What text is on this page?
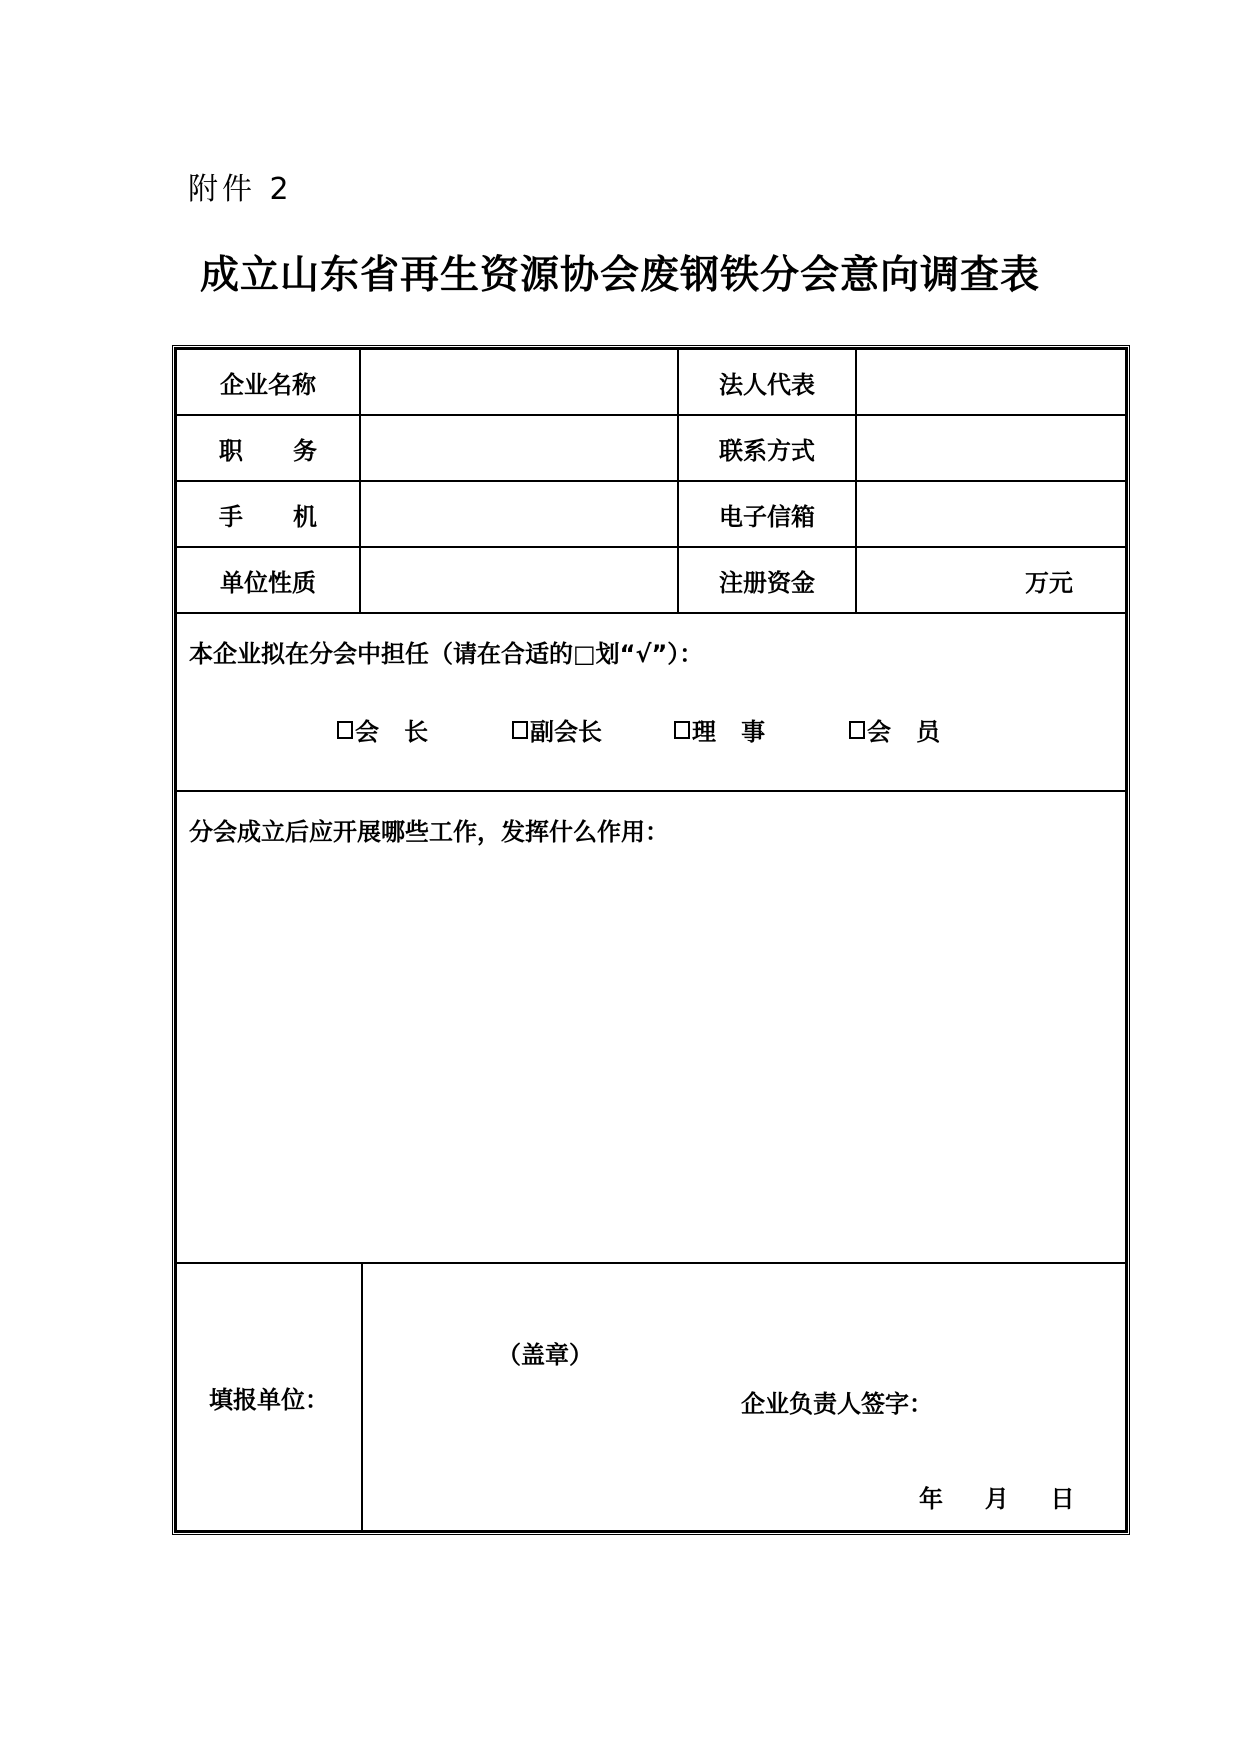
附件 2
成立山东省再生资源协会废钢铁分会意向调查表
企业名称	法人代表
职      务	联系方式
手      机	电子信箱
单位性质	注册资金	万元
本企业拟在分会中担任（请在合适的□划“√”）：
会   长	副会长	理   事	会   员
分会成立后应开展哪些工作，发挥什么作用：
填报单位：
（盖章）
企业负责人签字：
年     月     日
